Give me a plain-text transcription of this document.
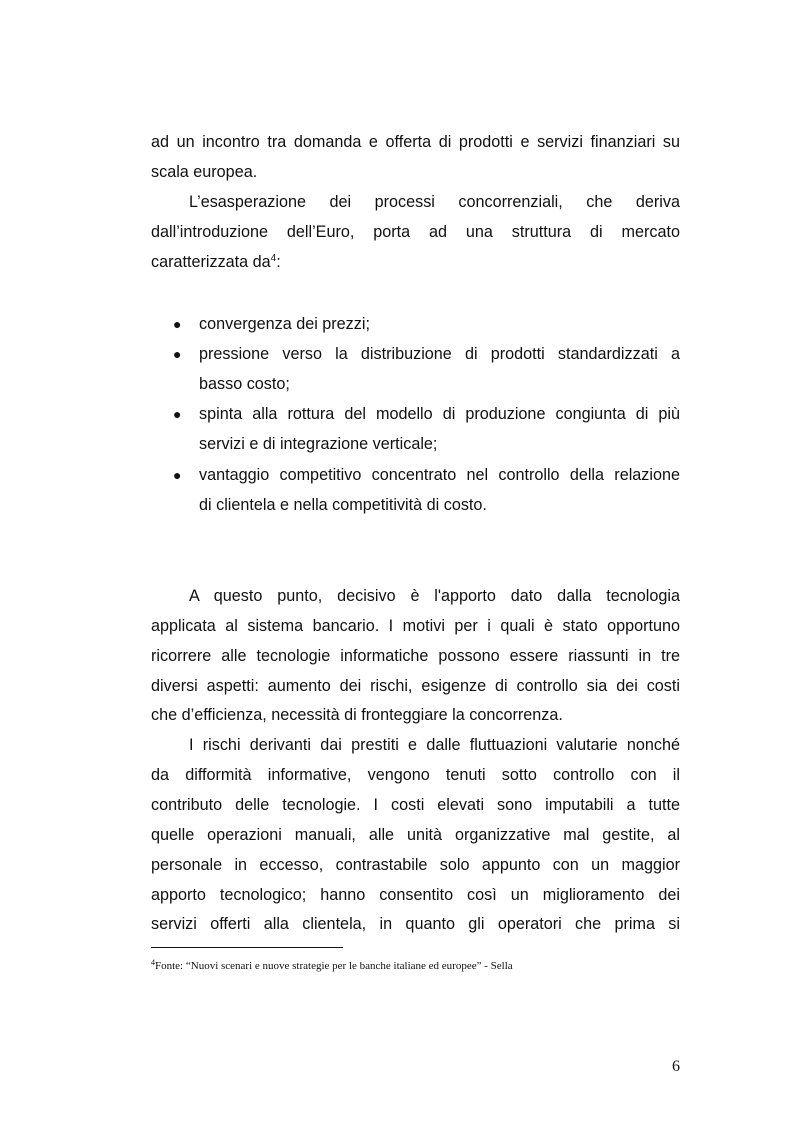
ad un incontro tra domanda e offerta di prodotti e servizi finanziari su
scala europea.
L’esasperazione dei processi concorrenziali, che deriva
dall’introduzione dell’Euro, porta ad una struttura di mercato
caratterizzata $da^4$:
● convergenza dei prezzi;
● pressione verso la distribuzione di prodotti standardizzati a
basso costo;
● spinta alla rottura del modello di produzione congiunta di più
servizi e di integrazione verticale;
● vantaggio competitivo concentrato nel controllo della relazione
di clientela e nella competitività di costo.
A questo punto, decisivo è l'apporto dato dalla tecnologia
applicata al sistema bancario. I motivi per i quali è stato opportuno
ricorrere alle tecnologie informatiche possono essere riassunti in tre
diversi aspetti: aumento dei rischi, esigenze di controllo sia dei costi
che d’efficienza, necessità di fronteggiare la concorrenza.
I rischi derivanti dai prestiti e dalle fluttuazioni valutarie nonché
da difformità informative, vengono tenuti sotto controllo con il
contributo delle tecnologie. I costi elevati sono imputabili a tutte
quelle operazioni manuali, alle unità organizzative mal gestite, al
personale in eccesso, contrastabile solo appunto con un maggior
apporto tecnologico; hanno consentito così un miglioramento dei
servizi offerti alla clientela, in quanto gli operatori che prima si
$^4$Fonte: “Nuovi scenari e nuove strategie per le banche italiane ed europee” - Sella
6
